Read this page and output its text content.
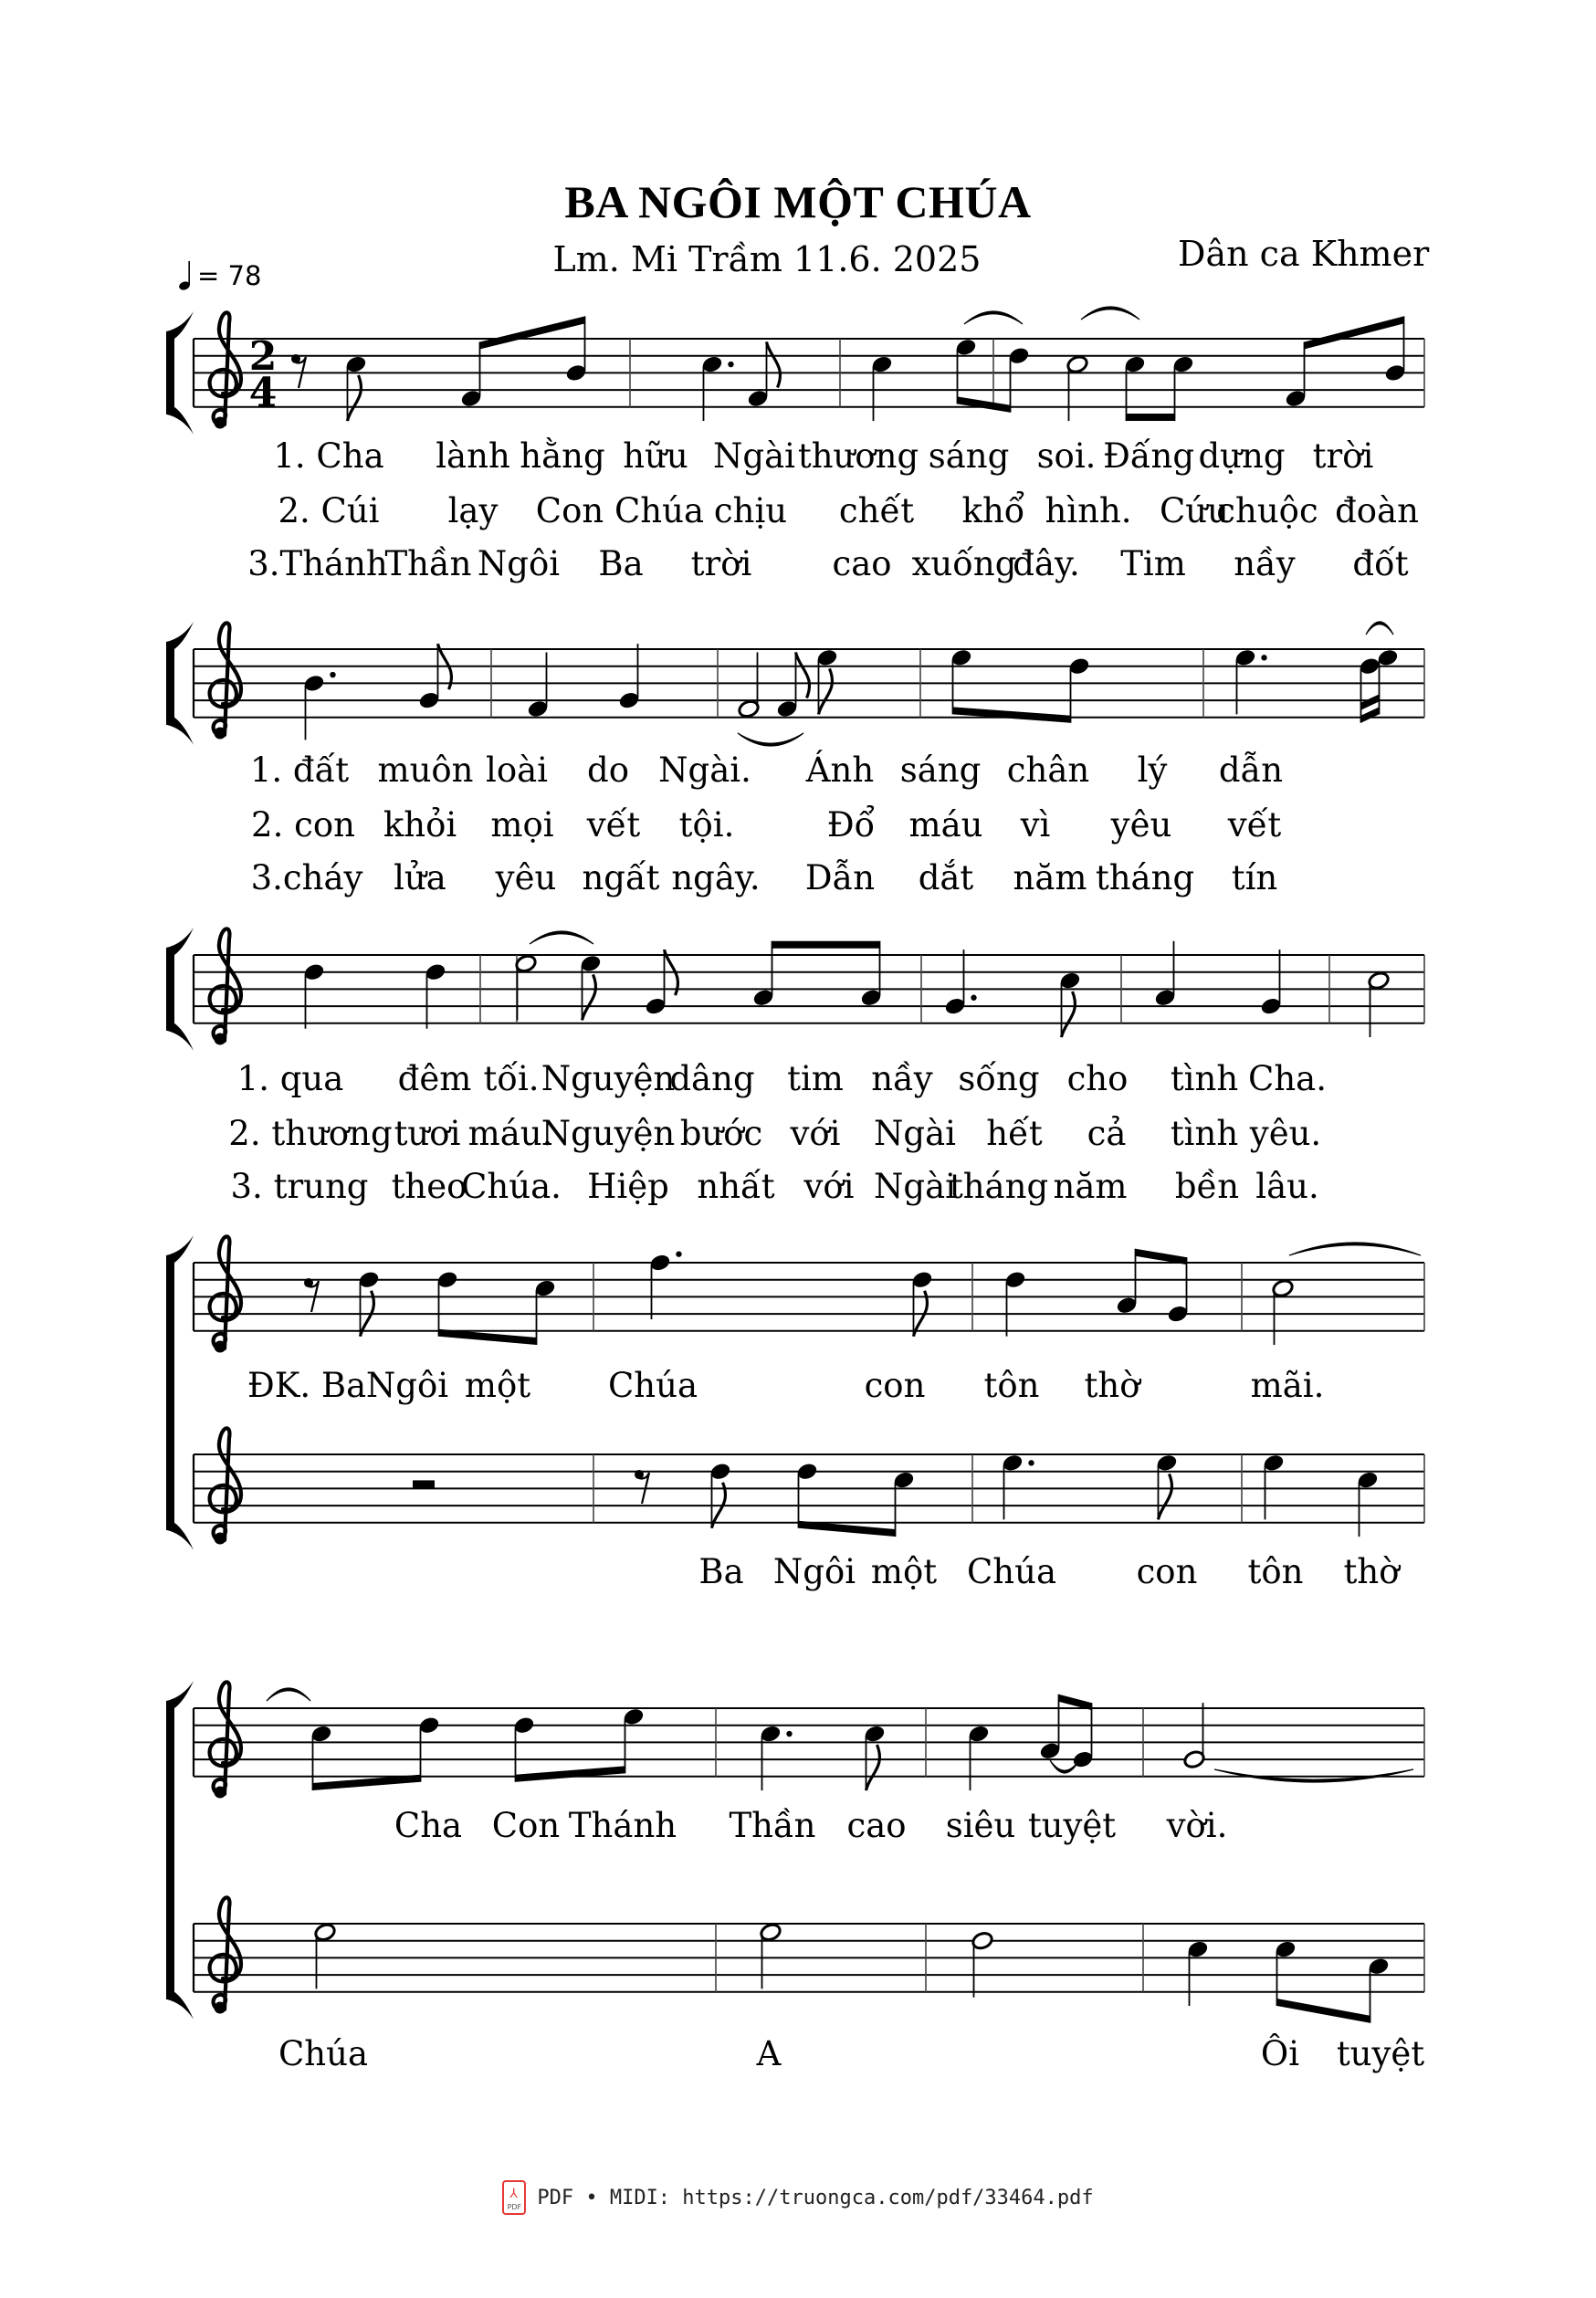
BA NGÔI MỘT CHÚA
Lm. Mi Trầm 11.6. 2025	Dân ca Khmer
= 78
2
4
1. Cha lành hằng hữu Ngài thương sáng soi. Đấng dựng trời
2. Cúi lạy Con Chúa chịu chết khổ hình. Cứu
chuộc đoàn
3.Thánh
Thần Ngôi Ba trời cao xuống
đây. Tim nầy đốt
1. đất muôn loài do Ngài. Ánh sáng chân lý dẫn
2. con khỏi mọi vết tội.	Đổ máu vì yêu vết
3.cháy lửa yêu ngất ngây. Dẫn dắt năm tháng tín
1. qua đêm tối. Nguyện
dâng tim nầy sống cho tình Cha.
2. thương tươi máu.
Nguyện bước với Ngài hết cả tình yêu.
3. trung theo
Chúa. Hiệp nhất với Ngài
tháng năm bền lâu.
ĐK. Ba Ngôi một Chúa	con tôn thờ	mãi.
Ba Ngôi một Chúa con tôn thờ
Cha Con Thánh Thần cao siêu tuyệt vời.
Chúa	A	Ôi tuyệt
⅄
PDF PDF • MIDI: https://truongca.com/pdf/33464.pdf
